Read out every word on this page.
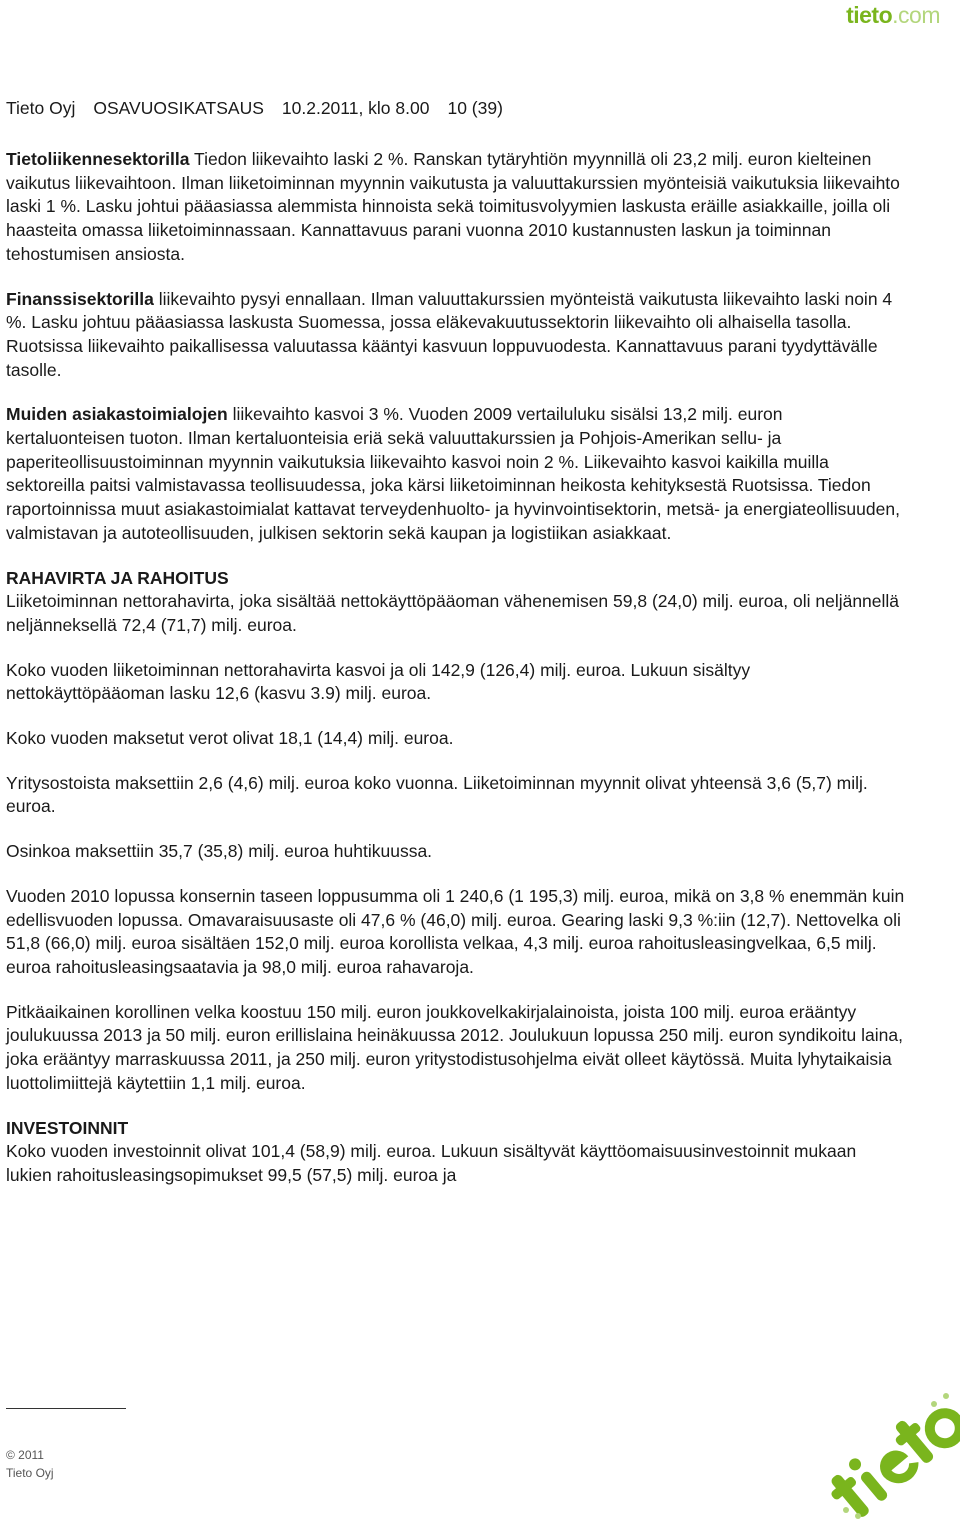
tieto.com
Tieto Oyj OSAVUOSIKATSAUS 10.2.2011, klo 8.00 10 (39)

Tietoliikennesektorilla Tiedon liikevaihto laski 2 %. Ranskan tytäryhtiön myynnillä oli 23,2 milj. euron kielteinen vaikutus liikevaihtoon. Ilman liiketoiminnan myynnin vaikutusta ja valuuttakurssien myönteisiä vaikutuksia liikevaihto laski 1 %. Lasku johtui pääasiassa alemmista hinnoista sekä toimitusvolyymien laskusta eräille asiakkaille, joilla oli haasteita omassa liiketoiminnassaan. Kannattavuus parani vuonna 2010 kustannusten laskun ja toiminnan tehostumisen ansiosta.

Finanssisektorilla liikevaihto pysyi ennallaan. Ilman valuuttakurssien myönteistä vaikutusta liikevaihto laski noin 4 %. Lasku johtuu pääasiassa laskusta Suomessa, jossa eläkevakuutussektorin liikevaihto oli alhaisella tasolla. Ruotsissa liikevaihto paikallisessa valuutassa kääntyi kasvuun loppuvuodesta. Kannattavuus parani tyydyttävälle tasolle.

Muiden asiakastoimialojen liikevaihto kasvoi 3 %. Vuoden 2009 vertailuluku sisälsi 13,2 milj. euron kertaluonteisen tuoton. Ilman kertaluonteisia eriä sekä valuuttakurssien ja Pohjois-Amerikan sellu- ja paperiteollisuustoiminnan myynnin vaikutuksia liikevaihto kasvoi noin 2 %. Liikevaihto kasvoi kaikilla muilla sektoreilla paitsi valmistavassa teollisuudessa, joka kärsi liiketoiminnan heikosta kehityksestä Ruotsissa. Tiedon raportoinnissa muut asiakastoimialat kattavat terveydenhuolto- ja hyvinvointisektorin, metsä- ja energiateollisuuden, valmistavan ja autoteollisuuden, julkisen sektorin sekä kaupan ja logistiikan asiakkaat.

RAHAVIRTA JA RAHOITUS

Liiketoiminnan nettorahavirta, joka sisältää nettokäyttöpääoman vähenemisen 59,8 (24,0) milj. euroa, oli neljännellä neljänneksellä 72,4 (71,7) milj. euroa.

Koko vuoden liiketoiminnan nettorahavirta kasvoi ja oli 142,9 (126,4) milj. euroa. Lukuun sisältyy nettokäyttöpääoman lasku 12,6 (kasvu 3.9) milj. euroa.

Koko vuoden maksetut verot olivat 18,1 (14,4) milj. euroa.

Yritysostoista maksettiin 2,6 (4,6) milj. euroa koko vuonna. Liiketoiminnan myynnit olivat yhteensä 3,6 (5,7) milj. euroa.

Osinkoa maksettiin 35,7 (35,8) milj. euroa huhtikuussa.

Vuoden 2010 lopussa konsernin taseen loppusumma oli 1 240,6 (1 195,3) milj. euroa, mikä on 3,8 % enemmän kuin edellisvuoden lopussa. Omavaraisuusaste oli 47,6 % (46,0) milj. euroa. Gearing laski 9,3 %:iin (12,7). Nettovelka oli 51,8 (66,0) milj. euroa sisältäen 152,0 milj. euroa korollista velkaa, 4,3 milj. euroa rahoitusleasingvelkaa, 6,5 milj. euroa rahoitusleasingsaatavia ja 98,0 milj. euroa rahavaroja.

Pitkäaikainen korollinen velka koostuu 150 milj. euron joukkovelkakirjalainoista, joista 100 milj. euroa erääntyy joulukuussa 2013 ja 50 milj. euron erillislaina heinäkuussa 2012. Joulukuun lopussa 250 milj. euron syndikoitu laina, joka erääntyy marraskuussa 2011, ja 250 milj. euron yritystodistusohjelma eivät olleet käytössä. Muita lyhytaikaisia luottolimiittejä käytettiin 1,1 milj. euroa.

INVESTOINNIT

Koko vuoden investoinnit olivat 101,4 (58,9) milj. euroa. Lukuun sisältyvät käyttöomaisuusinvestoinnit mukaan lukien rahoitusleasingsopimukset 99,5 (57,5) milj. euroa ja

© 2011
Tieto Oyj
